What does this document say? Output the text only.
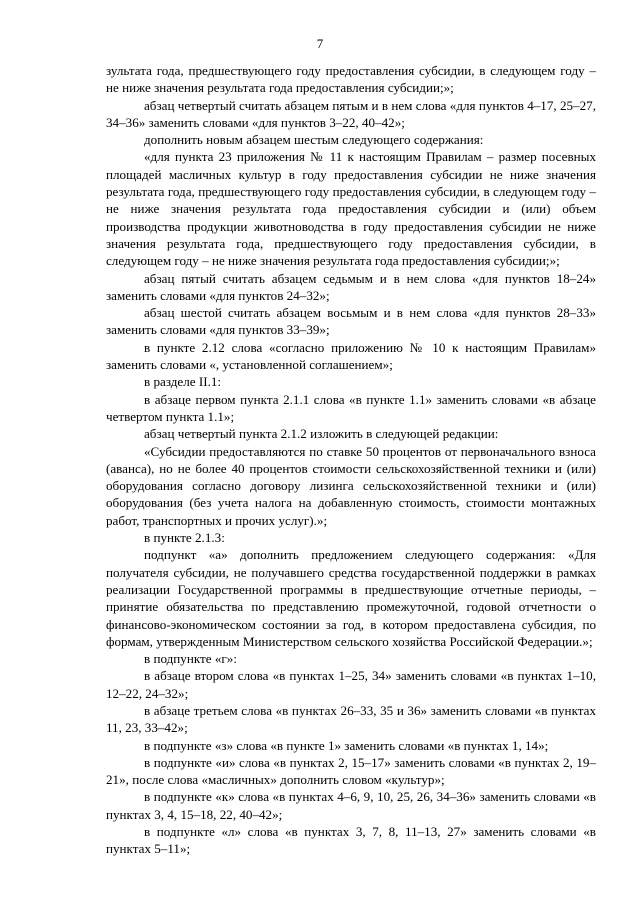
7

зультата года, предшествующего году предоставления субсидии, в следующем году – не ниже значения результата года предоставления субсидии;»;

абзац четвертый считать абзацем пятым и в нем слова «для пунктов 4–17, 25–27, 34–36» заменить словами «для пунктов 3–22, 40–42»;

дополнить новым абзацем шестым следующего содержания:

«для пункта 23 приложения № 11 к настоящим Правилам – размер посевных площадей масличных культур в году предоставления субсидии не ниже значения результата года, предшествующего году предоставления субсидии, в следующем году – не ниже значения результата года предоставления субсидии и (или) объем производства продукции животноводства в году предоставления субсидии не ниже значения результата года, предшествующего году предоставления субсидии, в следующем году – не ниже значения результата года предоставления субсидии;»;

абзац пятый считать абзацем седьмым и в нем слова «для пунктов 18–24» заменить словами «для пунктов 24–32»;

абзац шестой считать абзацем восьмым и в нем слова «для пунктов 28–33» заменить словами «для пунктов 33–39»;

в пункте 2.12 слова «согласно приложению № 10 к настоящим Правилам» заменить словами «, установленной соглашением»;

в разделе II.1:

в абзаце первом пункта 2.1.1 слова «в пункте 1.1» заменить словами «в абзаце четвертом пункта 1.1»;

абзац четвертый пункта 2.1.2 изложить в следующей редакции:

«Субсидии предоставляются по ставке 50 процентов от первоначального взноса (аванса), но не более 40 процентов стоимости сельскохозяйственной техники и (или) оборудования согласно договору лизинга сельскохозяйственной техники и (или) оборудования (без учета налога на добавленную стоимость, стоимости монтажных работ, транспортных и прочих услуг).»;

в пункте 2.1.3:

подпункт «а» дополнить предложением следующего содержания: «Для получателя субсидии, не получавшего средства государственной поддержки в рамках реализации Государственной программы в предшествующие отчетные периоды, – принятие обязательства по представлению промежуточной, годовой отчетности о финансово-экономическом состоянии за год, в котором предоставлена субсидия, по формам, утвержденным Министерством сельского хозяйства Российской Федерации.»;

в подпункте «г»:

в абзаце втором слова «в пунктах 1–25, 34» заменить словами «в пунктах 1–10, 12–22, 24–32»;

в абзаце третьем слова «в пунктах 26–33, 35 и 36» заменить словами «в пунктах 11, 23, 33–42»;

в подпункте «з» слова «в пункте 1» заменить словами «в пунктах 1, 14»;

в подпункте «и» слова «в пунктах 2, 15–17» заменить словами «в пунктах 2, 19–21», после слова «масличных» дополнить словом «культур»;

в подпункте «к» слова «в пунктах 4–6, 9, 10, 25, 26, 34–36» заменить словами «в пунктах 3, 4, 15–18, 22, 40–42»;

в подпункте «л» слова «в пунктах 3, 7, 8, 11–13, 27» заменить словами «в пунктах 5–11»;
